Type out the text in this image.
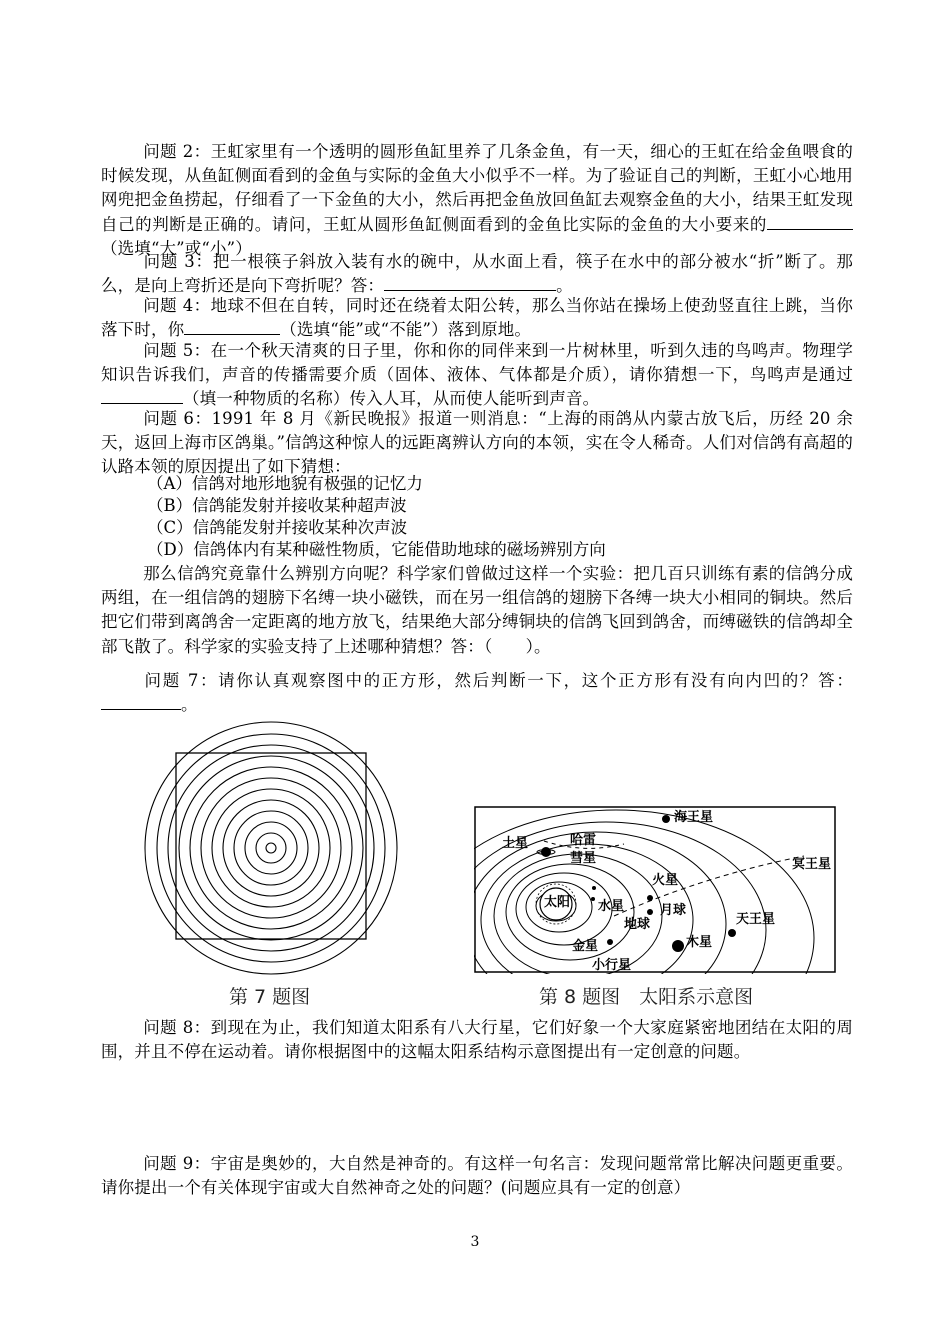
问题 2：王虹家里有一个透明的圆形鱼缸里养了几条金鱼，有一天，细心的王虹在给金鱼喂食的时候发现，从鱼缸侧面看到的金鱼与实际的金鱼大小似乎不一样。为了验证自己的判断，王虹小心地用网兜把金鱼捞起，仔细看了一下金鱼的大小，然后再把金鱼放回鱼缸去观察金鱼的大小，结果王虹发现自己的判断是正确的。请问，王虹从圆形鱼缸侧面看到的金鱼比实际的金鱼的大小要来的（选填“大”或“小”）
问题 3：把一根筷子斜放入装有水的碗中，从水面上看，筷子在水中的部分被水“折”断了。那么，是向上弯折还是向下弯折呢？答：	。
问题 4：地球不但在自转，同时还在绕着太阳公转，那么当你站在操场上使劲竖直往上跳，当你落下时，你	（选填“能”或“不能”）落到原地。
问题 5：在一个秋天清爽的日子里，你和你的同伴来到一片树林里，听到久违的鸟鸣声。物理学知识告诉我们，声音的传播需要介质（固体、液体、气体都是介质），请你猜想一下，鸟鸣声是通过（填一种物质的名称）传入人耳，从而使人能听到声音。
问题 6：1991 年 8 月《新民晚报》报道一则消息：“上海的雨鸽从内蒙古放飞后，历经 20 余天，返回上海市区鸽巢。”信鸽这种惊人的远距离辨认方向的本领，实在令人稀奇。人们对信鸽有高超的认路本领的原因提出了如下猜想：
（A）信鸽对地形地貌有极强的记忆力
（B）信鸽能发射并接收某种超声波
（C）信鸽能发射并接收某种次声波
（D）信鸽体内有某种磁性物质，它能借助地球的磁场辨别方向
那么信鸽究竟靠什么辨别方向呢？科学家们曾做过这样一个实验：把几百只训练有素的信鸽分成两组，在一组信鸽的翅膀下名缚一块小磁铁，而在另一组信鸽的翅膀下各缚一块大小相同的铜块。然后把它们带到离鸽舍一定距离的地方放飞，结果绝大部分缚铜块的信鸽飞回到鸽舍，而缚磁铁的信鸽却全部飞散了。科学家的实验支持了上述哪种猜想？答：（　　）。
问题 7：请你认真观察图中的正方形，然后判断一下，这个正方形有没有向内凹的？答：。
第 7 题图
海王星
土星	哈雷
彗星	冥王星
火星
太阳 水星	月球
地球	天王星
木星
金星
小行星
第 8 题图　太阳系示意图
问题 8：到现在为止，我们知道太阳系有八大行星，它们好象一个大家庭紧密地团结在太阳的周围，并且不停在运动着。请你根据图中的这幅太阳系结构示意图提出有一定创意的问题。
问题 9：宇宙是奥妙的，大自然是神奇的。有这样一句名言：发现问题常常比解决问题更重要。请你提出一个有关体现宇宙或大自然神奇之处的问题？(问题应具有一定的创意）
3
